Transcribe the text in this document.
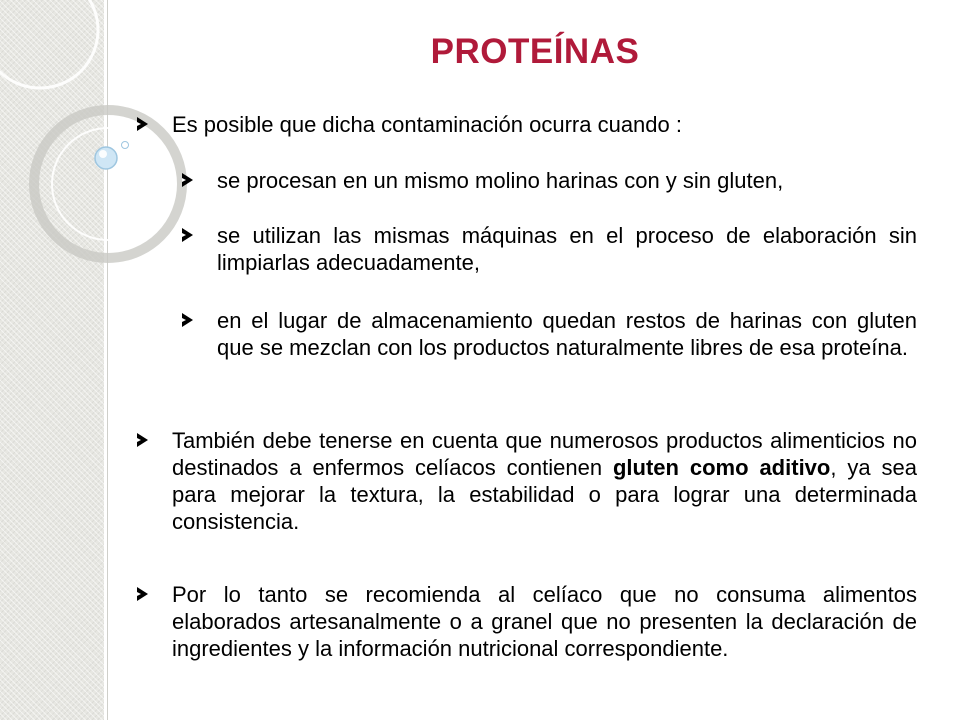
PROTEÍNAS
Es posible que dicha contaminación ocurra cuando :
se procesan en un mismo molino harinas con y sin gluten,
se utilizan las mismas máquinas en el proceso de elaboración sin limpiarlas adecuadamente,
en el lugar de almacenamiento quedan restos de harinas con gluten que se mezclan con los productos naturalmente libres de esa proteína.
También debe tenerse en cuenta que numerosos productos alimenticios no destinados a enfermos celíacos contienen gluten como aditivo, ya sea para mejorar la textura, la estabilidad o para lograr una determinada consistencia.
Por lo tanto se recomienda al celíaco que no consuma alimentos elaborados artesanalmente o a granel que no presenten la declaración de ingredientes y la información nutricional correspondiente.
